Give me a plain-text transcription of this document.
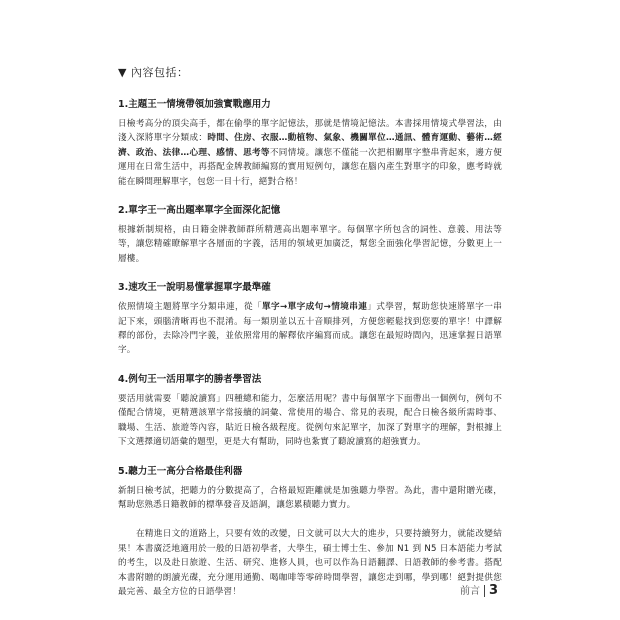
▼ 內容包括：
1.主題王一情境帶領加強實戰應用力

日檢考高分的頂尖高手，都在偷學的單字記憶法，那就是情境記憶法。本書採用情境式學習法，由淺入深將單字分類成：時間、住房、衣服…動植物、氣象、機關單位…通訊、體育運動、藝術…經濟、政治、法律…心理、感情、思考等不同情境。讓您不僅能一次把相關單字整串背起來，邊方便運用在日常生活中，再搭配金牌教師編寫的實用短例句，讓您在腦內產生對單字的印象，應考時就能在瞬間理解單字，包您一目十行，絕對合格！

2.單字王一高出題率單字全面深化記憶

根據新制規格，由日籍金牌教師群所精選高出題率單字。每個單字所包含的詞性、意義、用法等等，讓您精確瞭解單字各層面的字義，活用的領域更加廣泛，幫您全面強化學習記憶，分數更上一層樓。

3.速攻王一說明易懂掌握單字最準確

依照情境主題將單字分類串連，從「單字→單字成句→情境串連」式學習，幫助您快速將單字一串記下來，頭腦清晰再也不混淆。每一類別並以五十音順排列，方便您輕鬆找到您要的單字！中譯解釋的部份，去除冷門字義，並依照常用的解釋依序編寫而成。讓您在最短時間內，迅速掌握日語單字。

4.例句王一活用單字的勝者學習法

要活用就需要「聽說讀寫」四種總和能力，怎麼活用呢？書中每個單字下面帶出一個例句，例句不僅配合情境，更精選該單字常接續的詞彙、常使用的場合、常見的表現，配合日檢各級所需時事、職場、生活、旅遊等內容，貼近日檢各級程度。從例句來記單字，加深了對單字的理解，對根據上下文選擇適切語彙的題型，更是大有幫助，同時也紮實了聽說讀寫的超強實力。

5.聽力王一高分合格最佳利器

新制日檢考試，把聽力的分數提高了，合格最短距離就是加強聽力學習。為此，書中還附贈光碟，幫助您熟悉日籍教師的標準發音及語調，讓您累積聽力實力。

在精進日文的道路上，只要有效的改變，日文就可以大大的進步，只要持續努力，就能改變結果！本書廣泛地適用於一般的日語初學者，大學生，碩士博士生、參加 N1 到 N5 日本語能力考試的考生，以及赴日旅遊、生活、研究、進修人員，也可以作為日語翻譯、日語教師的參考書。搭配本書附贈的朗讀光碟，充分運用通勤、喝咖啡等零碎時間學習，讓您走到哪，學到哪！絕對提供您最完善、最全方位的日語學習！	前言 3
